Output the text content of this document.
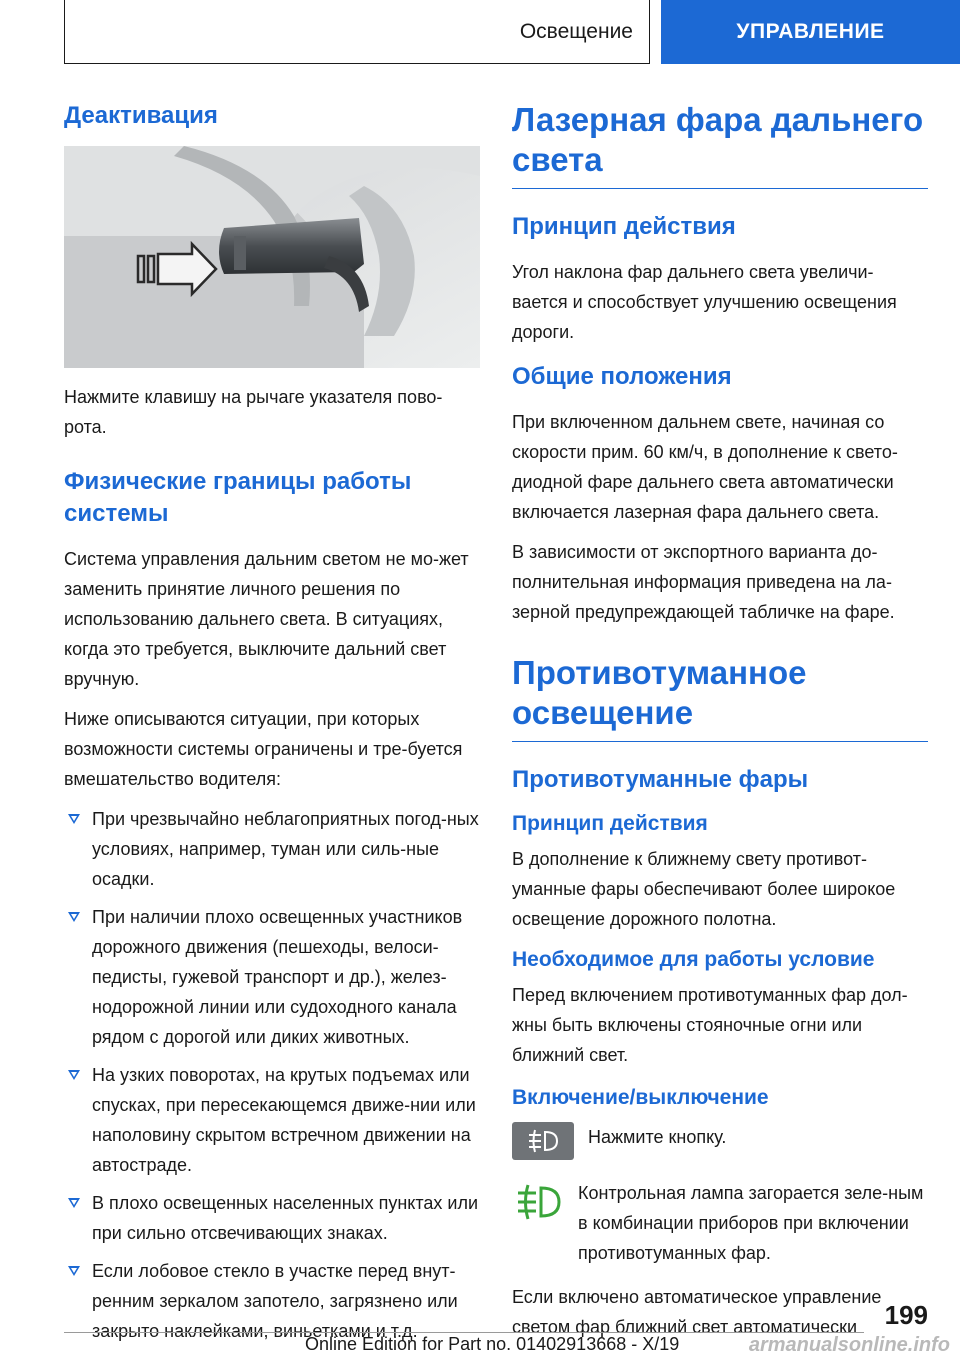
Освещение	УПРАВЛЕНИЕ
Деактивация

Нажмите клавишу на рычаге указателя пово-рота.

Физические границы работы системы

Система управления дальним светом не мо-жет заменить принятие личного решения по использованию дальнего света. В ситуациях, когда это требуется, выключите дальний свет вручную.

Ниже описываются ситуации, при которых возможности системы ограничены и тре-буется вмешательство водителя:

При чрезвычайно неблагоприятных погод-ных условиях, например, туман или силь-ные осадки.
При наличии плохо освещенных участников дорожного движения (пешеходы, велоси-педисты, гужевой транспорт и др.), желез-нодорожной линии или судоходного канала рядом с дорогой или диких животных.
На узких поворотах, на крутых подъемах или спусках, при пересекающемся движе-нии или наполовину скрытом встречном движении на автостраде.
В плохо освещенных населенных пунктах или при сильно отсвечивающих знаках.
Если лобовое стекло в участке перед внут-ренним зеркалом запотело, загрязнено или закрыто наклейками, виньетками и т.д.
Лазерная фара дальнего света
Принцип действия

Угол наклона фар дальнего света увеличи-вается и способствует улучшению освещения дороги.

Общие положения

При включенном дальнем свете, начиная со скорости прим. 60 км/ч, в дополнение к свето-диодной фаре дальнего света автоматически включается лазерная фара дальнего света.

В зависимости от экспортного варианта до-полнительная информация приведена на ла-зерной предупреждающей табличке на фаре.

Противотуманное освещение
Противотуманные фары
Принцип действия

В дополнение к ближнему свету противот-уманные фары обеспечивают более широкое освещение дорожного полотна.

Необходимое для работы условие

Перед включением противотуманных фар дол-жны быть включены стояночные огни или ближний свет.

Включение/выключение

Нажмите кнопку.

Контрольная лампа загорается зеле-ным в комбинации приборов при включении противотуманных фар.

Если включено автоматическое управление светом фар ближний свет автоматически	199
Online Edition for Part no. 01402913668 - X/19	armanualsonline.info
